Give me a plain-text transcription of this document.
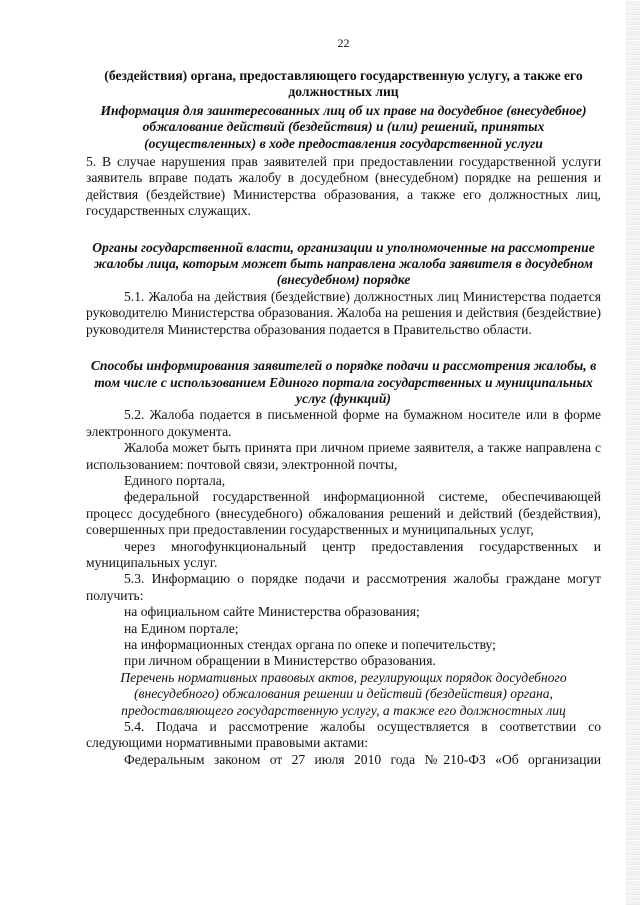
22

(бездействия) органа, предоставляющего государственную услугу, а также его должностных лиц

Информация для заинтересованных лиц об их праве на досудебное (внесудебное) обжалование действий (бездействия) и (или) решений, принятых (осуществленных) в ходе предоставления государственной услуги

5. В случае нарушения прав заявителей при предоставлении государственной услуги заявитель вправе подать жалобу в досудебном (внесудебном) порядке на решения и действия (бездействие) Министерства образования, а также его должностных лиц, государственных служащих.

Органы государственной власти, организации и уполномоченные на рассмотрение жалобы лица, которым может быть направлена жалоба заявителя в досудебном (внесудебном) порядке

5.1. Жалоба на действия (бездействие) должностных лиц Министерства подается руководителю Министерства образования. Жалоба на решения и действия (бездействие) руководителя Министерства образования подается в Правительство области.

Способы информирования заявителей о порядке подачи и рассмотрения жалобы, в том числе с использованием Единого портала государственных и муниципальных услуг (функций)

5.2. Жалоба подается в письменной форме на бумажном носителе или в форме электронного документа.

Жалоба может быть принята при личном приеме заявителя, а также направлена с использованием: почтовой связи, электронной почты,

Единого портала,

федеральной государственной информационной системе, обеспечивающей процесс досудебного (внесудебного) обжалования решений и действий (бездействия), совершенных при предоставлении государственных и муниципальных услуг,

через многофункциональный центр предоставления государственных и муниципальных услуг.

5.3. Информацию о порядке подачи и рассмотрения жалобы граждане могут получить:

на официальном сайте Министерства образования;

на Едином портале;

на информационных стендах органа по опеке и попечительству;

при личном обращении в Министерство образования.

Перечень нормативных правовых актов, регулирующих порядок досудебного (внесудебного) обжалования решении и действий (бездействия) органа, предоставляющего государственную услугу, а также его должностных лиц

5.4. Подача и рассмотрение жалобы осуществляется в соответствии со следующими нормативными правовыми актами:

Федеральным законом от 27 июля 2010 года №210-ФЗ «Об организации
